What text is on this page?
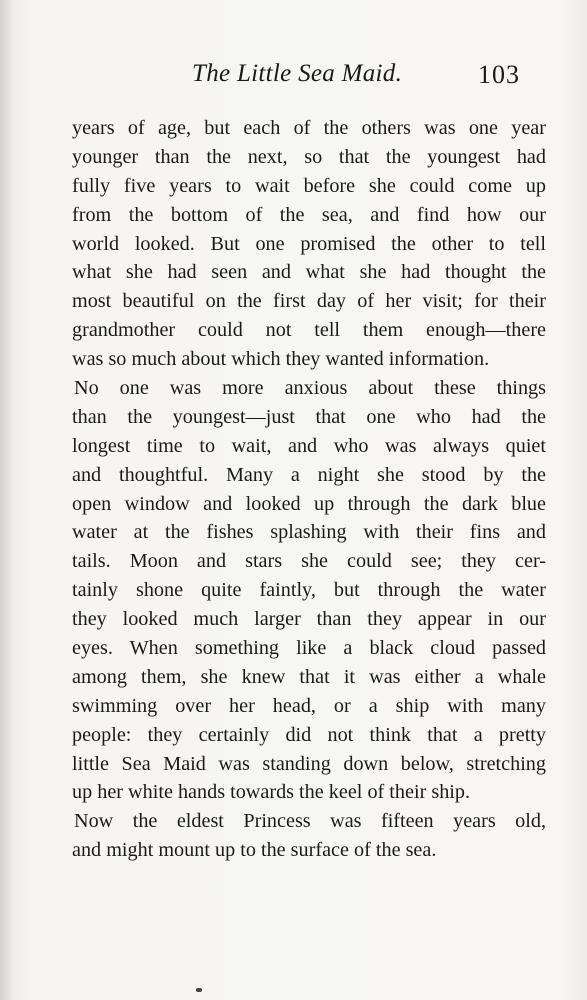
The Little Sea Maid.	103
years of age, but each of the others was one year
younger than the next, so that the youngest had
fully five years to wait before she could come up
from the bottom of the sea, and find how our
world looked. But one promised the other to tell
what she had seen and what she had thought the
most beautiful on the first day of her visit; for their
grandmother could not tell them enough—there
was so much about which they wanted information.
No one was more anxious about these things
than the youngest—just that one who had the
longest time to wait, and who was always quiet
and thoughtful. Many a night she stood by the
open window and looked up through the dark blue
water at the fishes splashing with their fins and
tails. Moon and stars she could see; they cer-
tainly shone quite faintly, but through the water
they looked much larger than they appear in our
eyes. When something like a black cloud passed
among them, she knew that it was either a whale
swimming over her head, or a ship with many
people: they certainly did not think that a pretty
little Sea Maid was standing down below, stretching
up her white hands towards the keel of their ship.
Now the eldest Princess was fifteen years old,
and might mount up to the surface of the sea.
